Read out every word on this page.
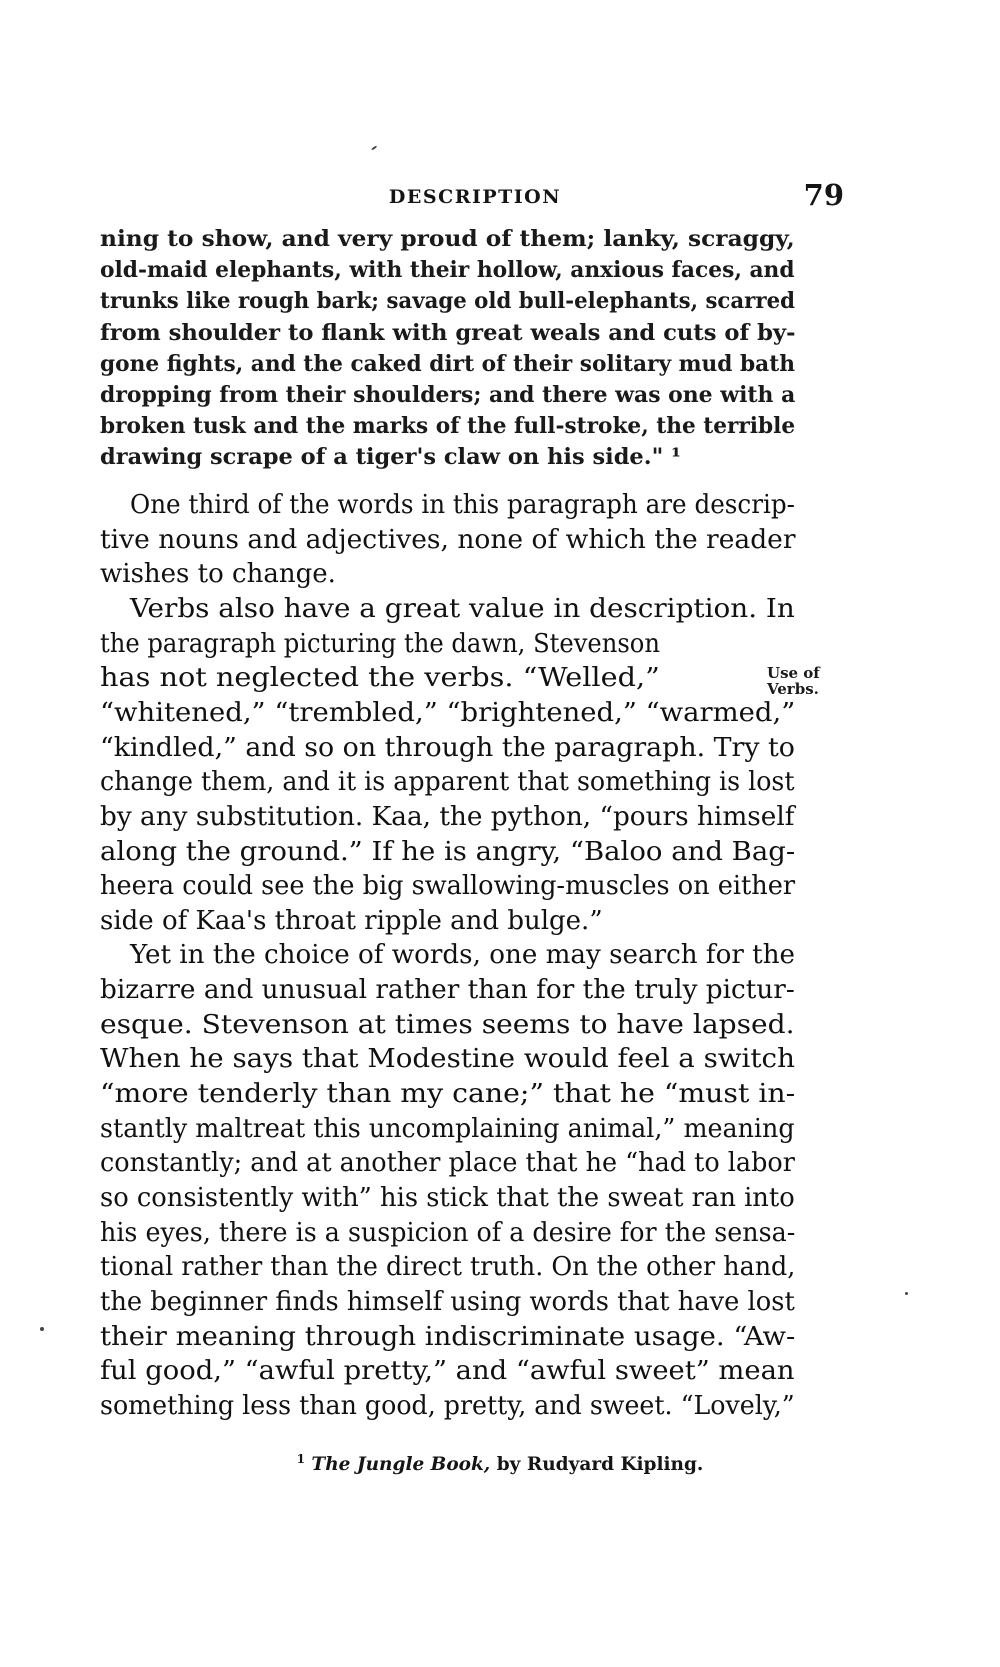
DESCRIPTION	79
ning to show, and very proud of them; lanky, scraggy,
old-maid elephants, with their hollow, anxious faces, and
trunks like rough bark; savage old bull-elephants, scarred
from shoulder to flank with great weals and cuts of by-
gone fights, and the caked dirt of their solitary mud bath
dropping from their shoulders; and there was one with a
broken tusk and the marks of the full-stroke, the terrible
drawing scrape of a tiger's claw on his side." ¹
One third of the words in this paragraph are descrip-
tive nouns and adjectives, none of which the reader
wishes to change.
Verbs also have a great value in description. In
the paragraph picturing the dawn, Stevenson
has not neglected the verbs. “Welled,”
“whitened,” “trembled,” “brightened,” “warmed,”
“kindled,” and so on through the paragraph. Try to
change them, and it is apparent that something is lost
by any substitution. Kaa, the python, “pours himself
along the ground.” If he is angry, “Baloo and Bag-
heera could see the big swallowing-muscles on either
side of Kaa's throat ripple and bulge.”
Yet in the choice of words, one may search for the
bizarre and unusual rather than for the truly pictur-
esque. Stevenson at times seems to have lapsed.
When he says that Modestine would feel a switch
“more tenderly than my cane;” that he “must in-
stantly maltreat this uncomplaining animal,” meaning
constantly; and at another place that he “had to labor
so consistently with” his stick that the sweat ran into
his eyes, there is a suspicion of a desire for the sensa-
tional rather than the direct truth. On the other hand,
the beginner finds himself using words that have lost
their meaning through indiscriminate usage. “Aw-
ful good,” “awful pretty,” and “awful sweet” mean
something less than good, pretty, and sweet. “Lovely,”
Use of
Verbs.
$^1$ The Jungle Book, by Rudyard Kipling.
